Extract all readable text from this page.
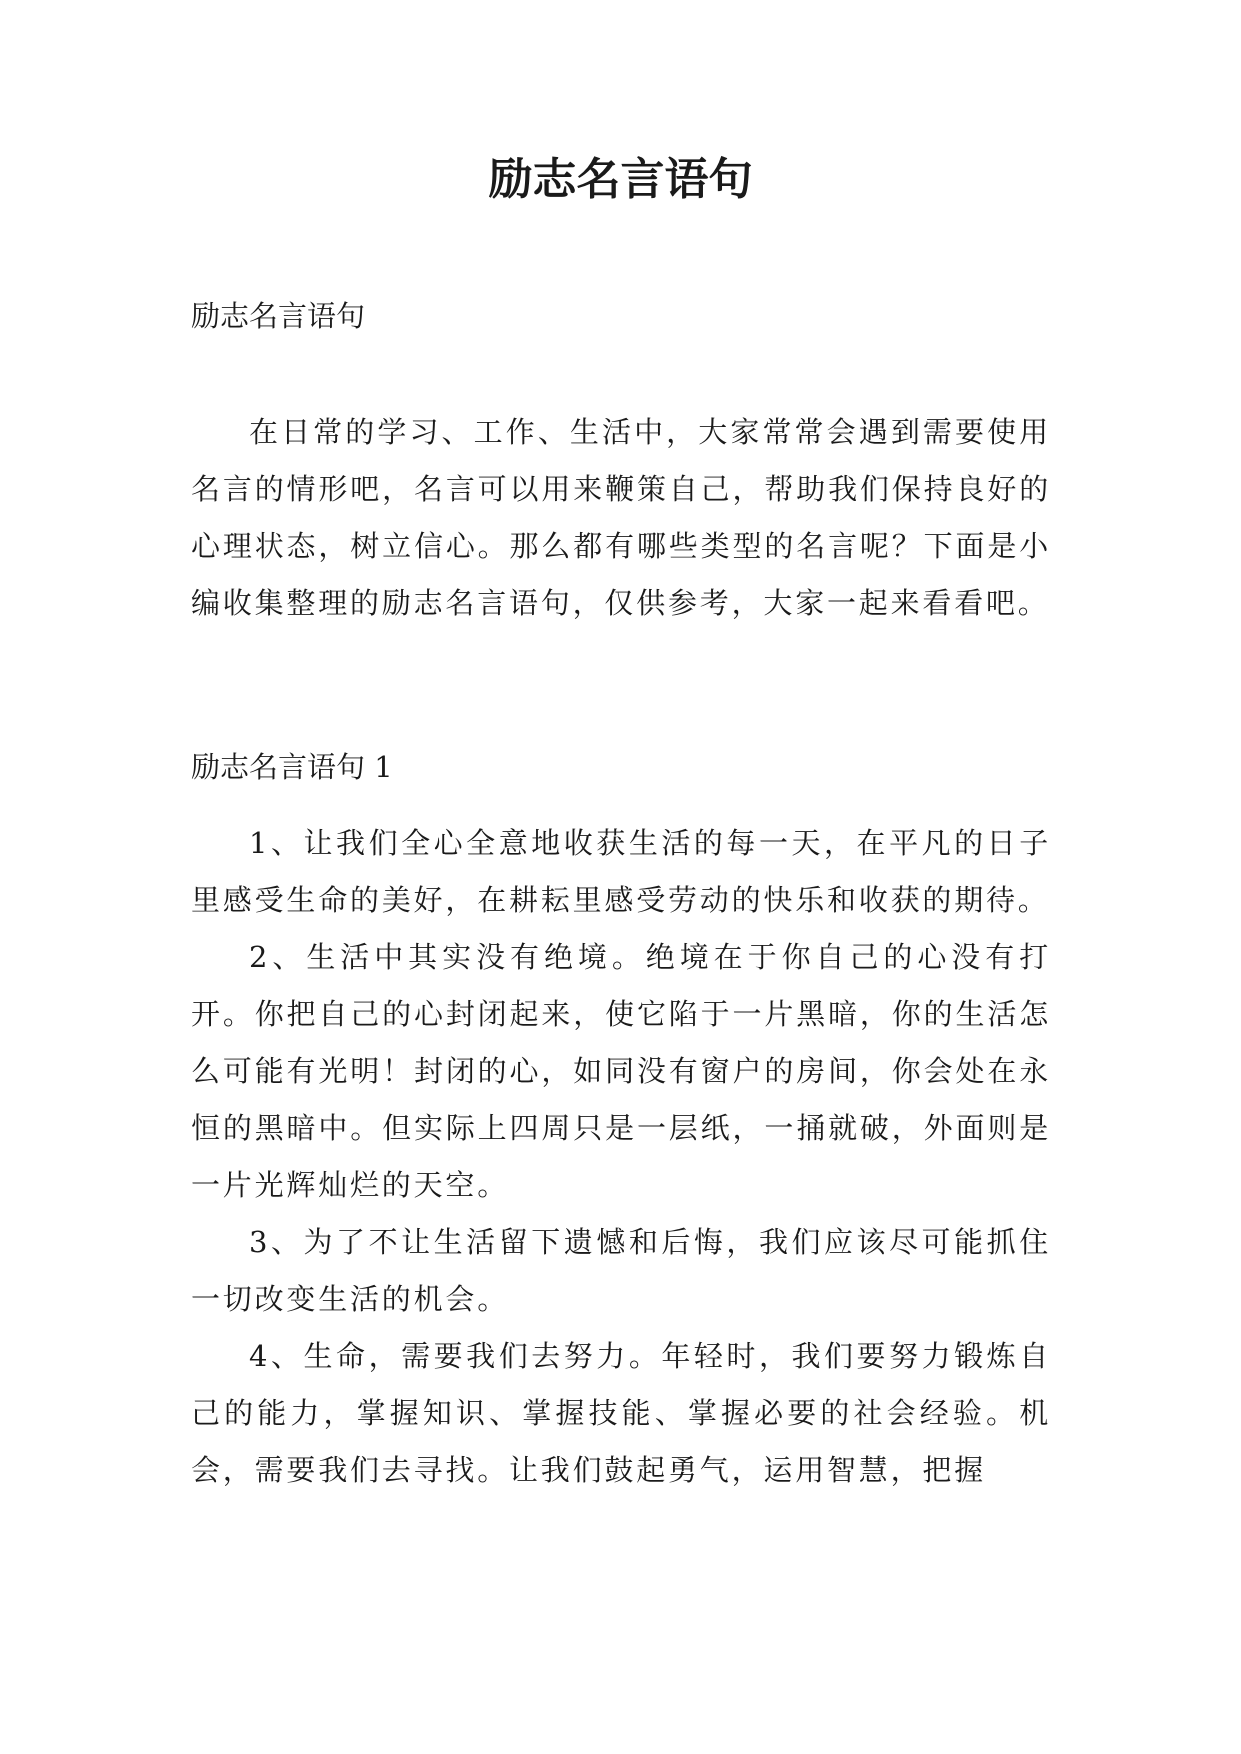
励志名言语句

励志名言语句

在日常的学习、工作、生活中，大家常常会遇到需要使用名言的情形吧，名言可以用来鞭策自己，帮助我们保持良好的心理状态，树立信心。那么都有哪些类型的名言呢？下面是小编收集整理的励志名言语句，仅供参考，大家一起来看看吧。

励志名言语句 1

1、让我们全心全意地收获生活的每一天，在平凡的日子里感受生命的美好，在耕耘里感受劳动的快乐和收获的期待。

2、生活中其实没有绝境。绝境在于你自己的心没有打开。你把自己的心封闭起来，使它陷于一片黑暗，你的生活怎么可能有光明！封闭的心，如同没有窗户的房间，你会处在永恒的黑暗中。但实际上四周只是一层纸，一捅就破，外面则是一片光辉灿烂的天空。

3、为了不让生活留下遗憾和后悔，我们应该尽可能抓住一切改变生活的机会。

4、生命，需要我们去努力。年轻时，我们要努力锻炼自己的能力，掌握知识、掌握技能、掌握必要的社会经验。机会，需要我们去寻找。让我们鼓起勇气，运用智慧，把握
